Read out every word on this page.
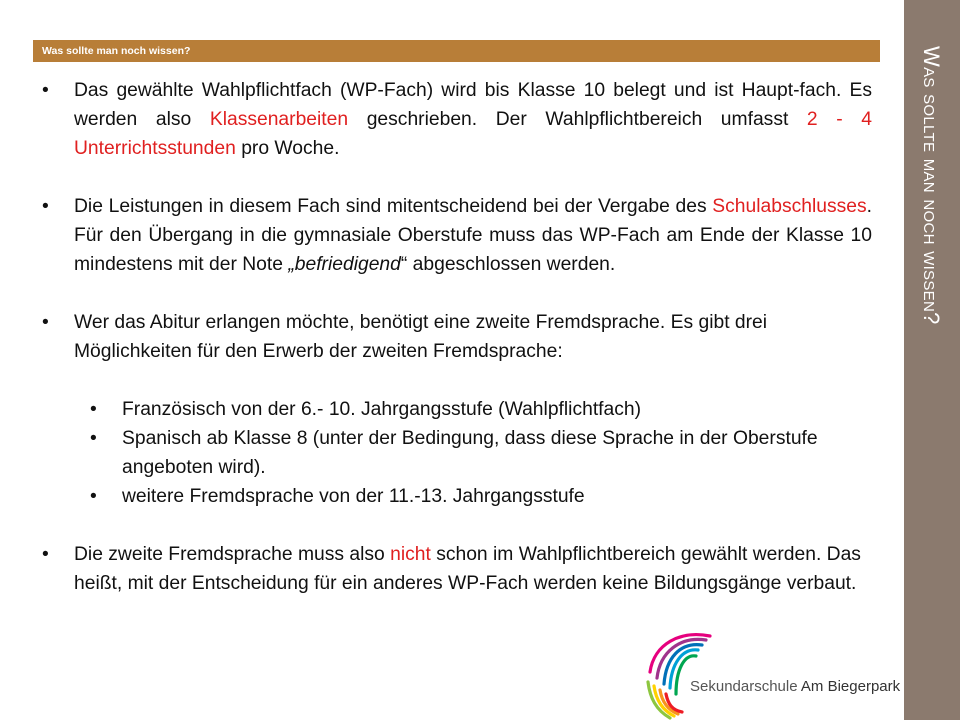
Was sollte man noch wissen?
Was sollte man noch wissen?
• Das gewählte Wahlpflichtfach (WP-Fach) wird bis Klasse 10 belegt und ist Haupt-fach. Es werden also Klassenarbeiten geschrieben. Der Wahlpflichtbereich umfasst 2 - 4 Unterrichtsstunden pro Woche.
• Die Leistungen in diesem Fach sind mitentscheidend bei der Vergabe des Schulabschlusses. Für den Übergang in die gymnasiale Oberstufe muss das WP-Fach am Ende der Klasse 10 mindestens mit der Note „befriedigend“ abgeschlossen werden.
• Wer das Abitur erlangen möchte, benötigt eine zweite Fremdsprache. Es gibt drei Möglichkeiten für den Erwerb der zweiten Fremdsprache:
• Französisch von der 6.- 10. Jahrgangsstufe (Wahlpflichtfach)
• Spanisch ab Klasse 8 (unter der Bedingung, dass diese Sprache in der Oberstufe angeboten wird).
• weitere Fremdsprache von der 11.-13. Jahrgangsstufe
• Die zweite Fremdsprache muss also nicht schon im Wahlpflichtbereich gewählt werden. Das heißt, mit der Entscheidung für ein anderes WP-Fach werden keine Bildungsgänge verbaut.
Sekundarschule Am Biegerpark
